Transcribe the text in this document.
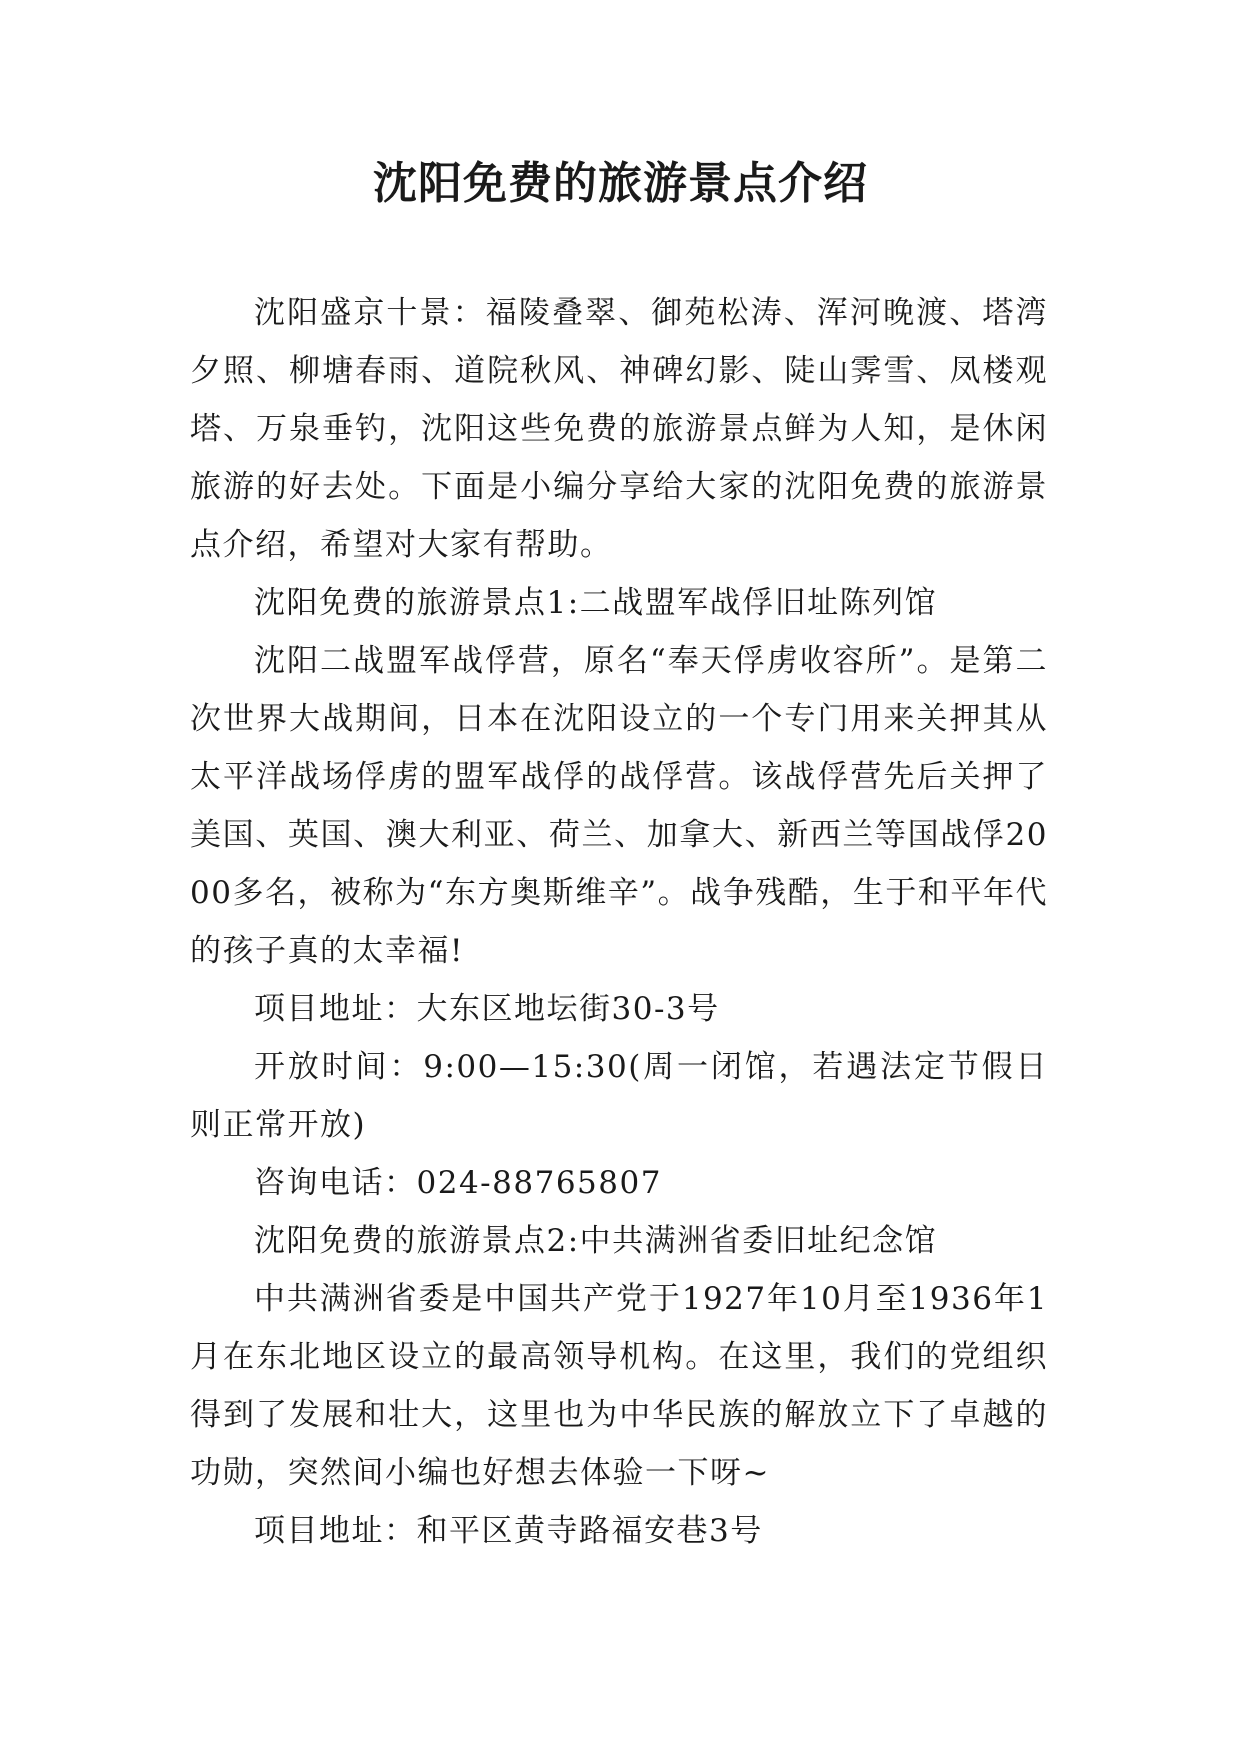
沈阳免费的旅游景点介绍

沈阳盛京十景：福陵叠翠、御苑松涛、浑河晚渡、塔湾夕照、柳塘春雨、道院秋风、神碑幻影、陡山霁雪、凤楼观塔、万泉垂钓，沈阳这些免费的旅游景点鲜为人知，是休闲旅游的好去处。下面是小编分享给大家的沈阳免费的旅游景点介绍，希望对大家有帮助。

沈阳免费的旅游景点1:二战盟军战俘旧址陈列馆

沈阳二战盟军战俘营，原名“奉天俘虏收容所”。是第二次世界大战期间，日本在沈阳设立的一个专门用来关押其从太平洋战场俘虏的盟军战俘的战俘营。该战俘营先后关押了美国、英国、澳大利亚、荷兰、加拿大、新西兰等国战俘2000多名，被称为“东方奥斯维辛”。战争残酷，生于和平年代的孩子真的太幸福!

项目地址：大东区地坛街30-3号

开放时间：9:00—15:30(周一闭馆，若遇法定节假日则正常开放)

咨询电话：024-88765807

沈阳免费的旅游景点2:中共满洲省委旧址纪念馆

中共满洲省委是中国共产党于1927年10月至1936年1月在东北地区设立的最高领导机构。在这里，我们的党组织得到了发展和壮大，这里也为中华民族的解放立下了卓越的功勋，突然间小编也好想去体验一下呀~

项目地址：和平区黄寺路福安巷3号
